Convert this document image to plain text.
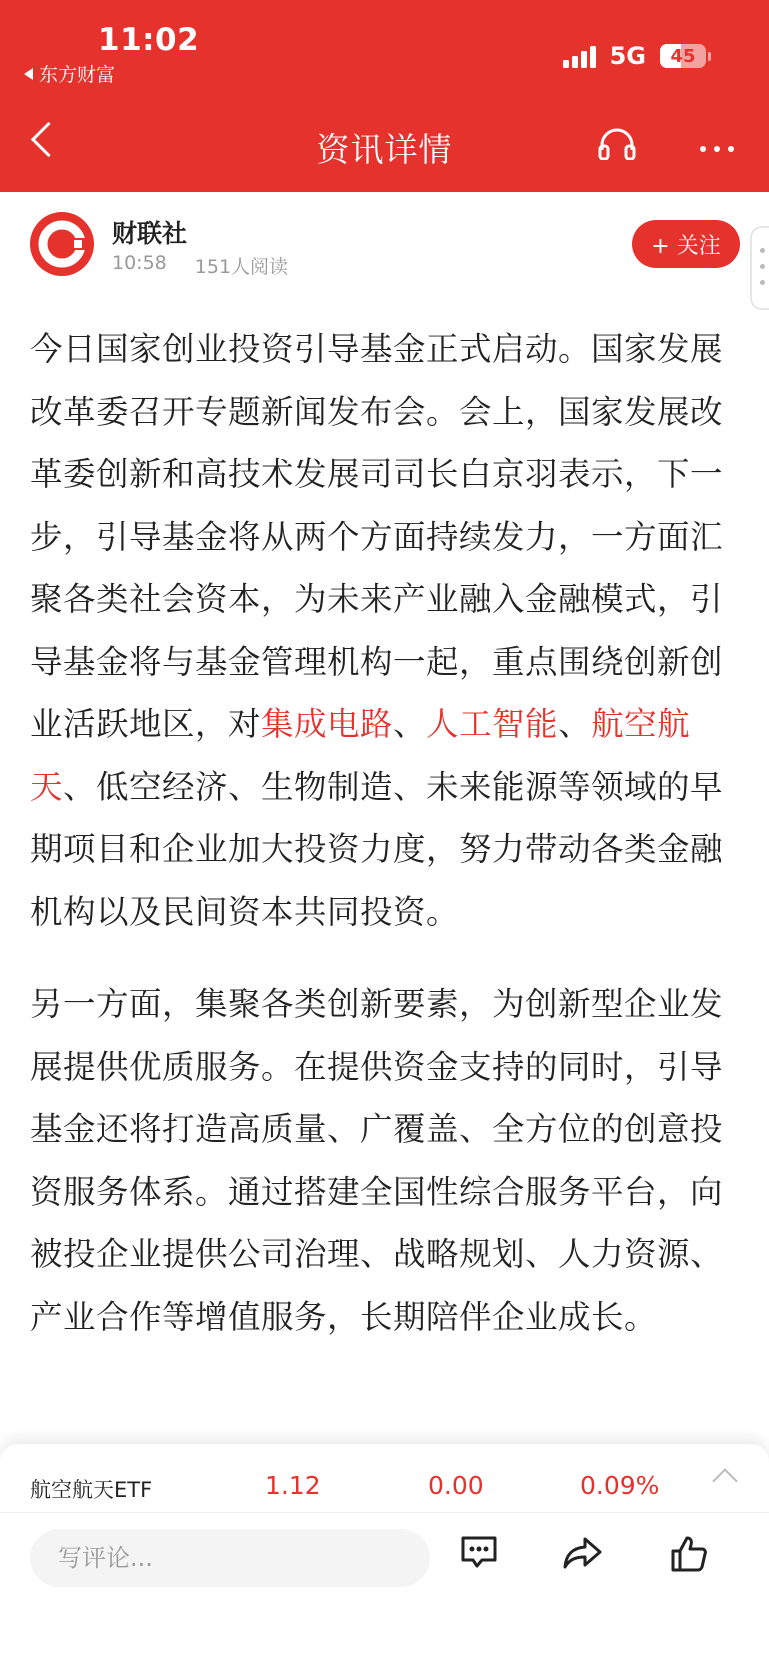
11:02
东方财富
5G	45
资讯详情
财联社
10:58 151人阅读
+ 关注

今日国家创业投资引导基金正式启动。国家发展改革委召开专题新闻发布会。会上，国家发展改革委创新和高技术发展司司长白京羽表示，下一步，引导基金将从两个方面持续发力，一方面汇聚各类社会资本，为未来产业融入金融模式，引导基金将与基金管理机构一起，重点围绕创新创业活跃地区，对集成电路、人工智能、航空航天、低空经济、生物制造、未来能源等领域的早期项目和企业加大投资力度，努力带动各类金融机构以及民间资本共同投资。

另一方面，集聚各类创新要素，为创新型企业发展提供优质服务。在提供资金支持的同时，引导基金还将打造高质量、广覆盖、全方位的创意投资服务体系。通过搭建全国性综合服务平台，向被投企业提供公司治理、战略规划、人力资源、产业合作等增值服务，长期陪伴企业成长。

航空航天ETF	1.12	0.00	0.09%
写评论...
